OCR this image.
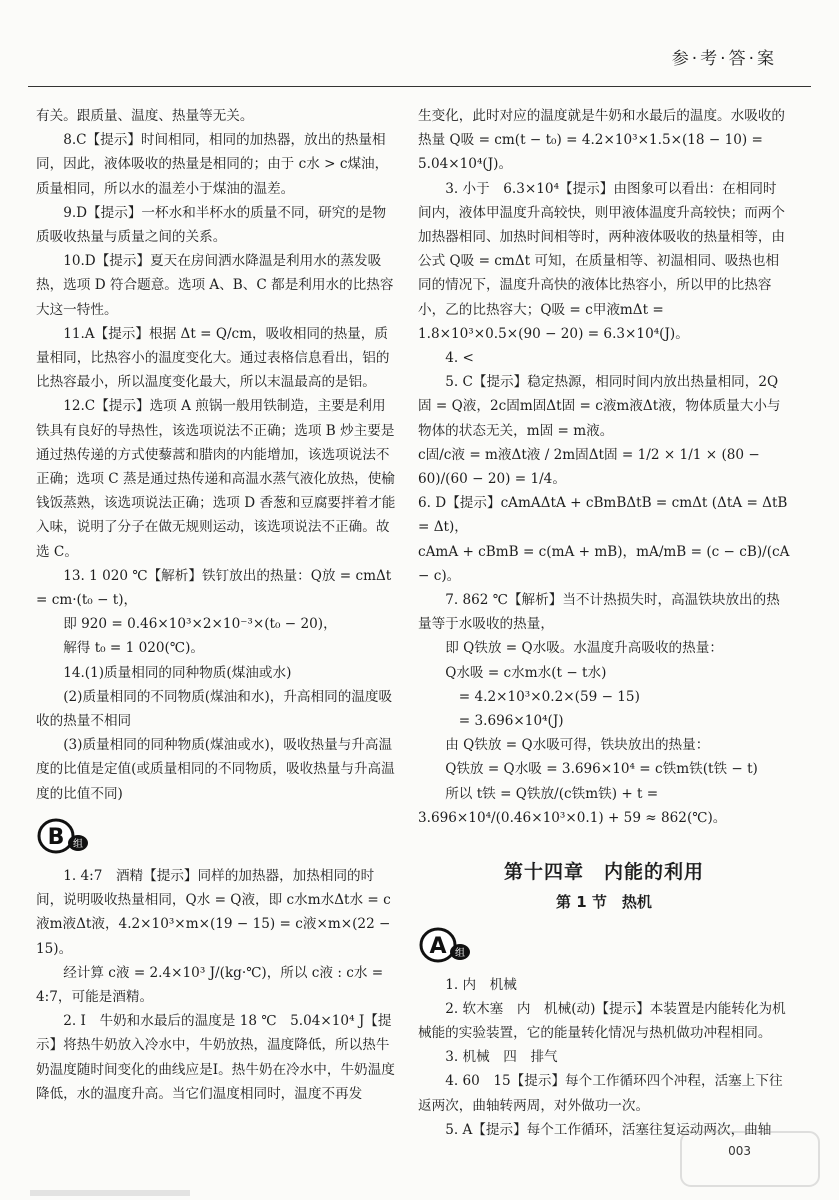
参·考·答·案

有关。跟质量、温度、热量等无关。

8.C【提示】时间相同，相同的加热器，放出的热量相同，因此，液体吸收的热量是相同的；由于 c水 > c煤油，质量相同，所以水的温差小于煤油的温差。

9.D【提示】一杯水和半杯水的质量不同，研究的是物质吸收热量与质量之间的关系。

10.D【提示】夏天在房间洒水降温是利用水的蒸发吸热，选项 D 符合题意。选项 A、B、C 都是利用水的比热容大这一特性。

11.A【提示】根据 Δt = Q/cm，吸收相同的热量，质量相同，比热容小的温度变化大。通过表格信息看出，铝的比热容最小，所以温度变化最大，所以末温最高的是铝。

12.C【提示】选项 A 煎锅一般用铁制造，主要是利用铁具有良好的导热性，该选项说法不正确；选项 B 炒主要是通过热传递的方式使藜蒿和腊肉的内能增加，该选项说法不正确；选项 C 蒸是通过热传递和高温水蒸气液化放热，使榆钱饭蒸熟，该选项说法正确；选项 D 香葱和豆腐要拌着才能入味，说明了分子在做无规则运动，该选项说法不正确。故选 C。

13. 1 020 ℃【解析】铁钉放出的热量：Q放 = cmΔt = cm·(t₀ − t)，

即 920 = 0.46×10³×2×10⁻³×(t₀ − 20)，

解得 t₀ = 1 020(℃)。

14.(1)质量相同的同种物质(煤油或水)

(2)质量相同的不同物质(煤油和水)，升高相同的温度吸收的热量不相同

(3)质量相同的同种物质(煤油或水)，吸收热量与升高温度的比值是定值(或质量相同的不同物质，吸收热量与升高温度的比值不同)

B 组

1. 4:7　酒精【提示】同样的加热器，加热相同的时间，说明吸收热量相同，Q水 = Q液，即 c水m水Δt水 = c液m液Δt液，4.2×10³×m×(19 − 15) = c液×m×(22 − 15)。

经计算 c液 = 2.4×10³ J/(kg·℃)，所以 c液 : c水 = 4:7，可能是酒精。

2. Ⅰ　牛奶和水最后的温度是 18 ℃　5.04×10⁴ J【提示】将热牛奶放入冷水中，牛奶放热，温度降低，所以热牛奶温度随时间变化的曲线应是Ⅰ。热牛奶在冷水中，牛奶温度降低，水的温度升高。当它们温度相同时，温度不再发

生变化，此时对应的温度就是牛奶和水最后的温度。水吸收的热量 Q吸 = cm(t − t₀) = 4.2×10³×1.5×(18 − 10) = 5.04×10⁴(J)。

3. 小于　6.3×10⁴【提示】由图象可以看出：在相同时间内，液体甲温度升高较快，则甲液体温度升高较快；而两个加热器相同、加热时间相等时，两种液体吸收的热量相等，由公式 Q吸 = cmΔt 可知，在质量相等、初温相同、吸热也相同的情况下，温度升高快的液体比热容小，所以甲的比热容小，乙的比热容大；Q吸 = c甲液mΔt = 1.8×10³×0.5×(90 − 20) = 6.3×10⁴(J)。

4. <

5. C【提示】稳定热源，相同时间内放出热量相同，2Q固 = Q液，2c固m固Δt固 = c液m液Δt液，物体质量大小与物体的状态无关，m固 = m液。

c固/c液 = m液Δt液 / 2m固Δt固 = 1/2 × 1/1 × (80 − 60)/(60 − 20) = 1/4。

6. D【提示】cAmAΔtA + cBmBΔtB = cmΔt (ΔtA = ΔtB = Δt)，

cAmA + cBmB = c(mA + mB)，mA/mB = (c − cB)/(cA − c)。

7. 862 ℃【解析】当不计热损失时，高温铁块放出的热量等于水吸收的热量，

即 Q铁放 = Q水吸。水温度升高吸收的热量：

Q水吸 = c水m水(t − t水)

　= 4.2×10³×0.2×(59 − 15)

　= 3.696×10⁴(J)

由 Q铁放 = Q水吸可得，铁块放出的热量：

Q铁放 = Q水吸 = 3.696×10⁴ = c铁m铁(t铁 − t)

所以 t铁 = Q铁放/(c铁m铁) + t = 3.696×10⁴/(0.46×10³×0.1) + 59 ≈ 862(℃)。

第十四章　内能的利用
第 1 节　热机
A 组

1. 内　机械

2. 软木塞　内　机械(动)【提示】本装置是内能转化为机械能的实验装置，它的能量转化情况与热机做功冲程相同。

3. 机械　四　排气

4. 60　15【提示】每个工作循环四个冲程，活塞上下往返两次，曲轴转两周，对外做功一次。

5. A【提示】每个工作循环，活塞往复运动两次，曲轴

003
